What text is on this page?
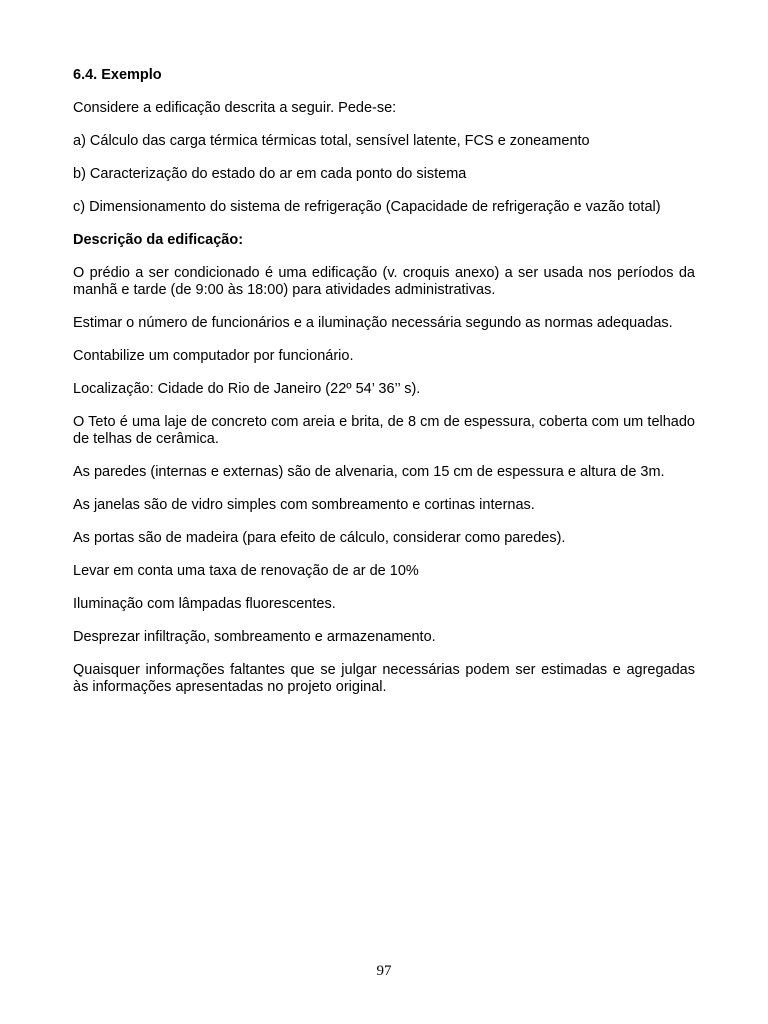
6.4. Exemplo

Considere a edificação descrita a seguir. Pede-se:

a) Cálculo das carga térmica térmicas total, sensível latente, FCS e zoneamento

b) Caracterização do estado do ar em cada ponto do sistema

c) Dimensionamento do sistema de refrigeração (Capacidade de refrigeração e vazão total)

Descrição da edificação:

O prédio a ser condicionado é uma edificação (v. croquis anexo) a ser usada nos períodos da manhã e tarde (de 9:00 às 18:00) para atividades administrativas.

Estimar o número de funcionários e a iluminação necessária segundo as normas adequadas.

Contabilize um computador por funcionário.

Localização: Cidade do Rio de Janeiro (22º 54’ 36’’ s).

O Teto é uma laje de concreto com areia e brita, de 8 cm de espessura, coberta com um telhado de telhas de cerâmica.

As paredes (internas e externas) são de alvenaria, com 15 cm de espessura e altura de 3m.

As janelas são de vidro simples com sombreamento e cortinas internas.

As portas são de madeira (para efeito de cálculo, considerar como paredes).

Levar em conta uma taxa de renovação de ar de 10%

Iluminação com lâmpadas fluorescentes.

Desprezar infiltração, sombreamento e armazenamento.

Quaisquer informações faltantes que se julgar necessárias podem ser estimadas e agregadas às informações apresentadas no projeto original.

97
